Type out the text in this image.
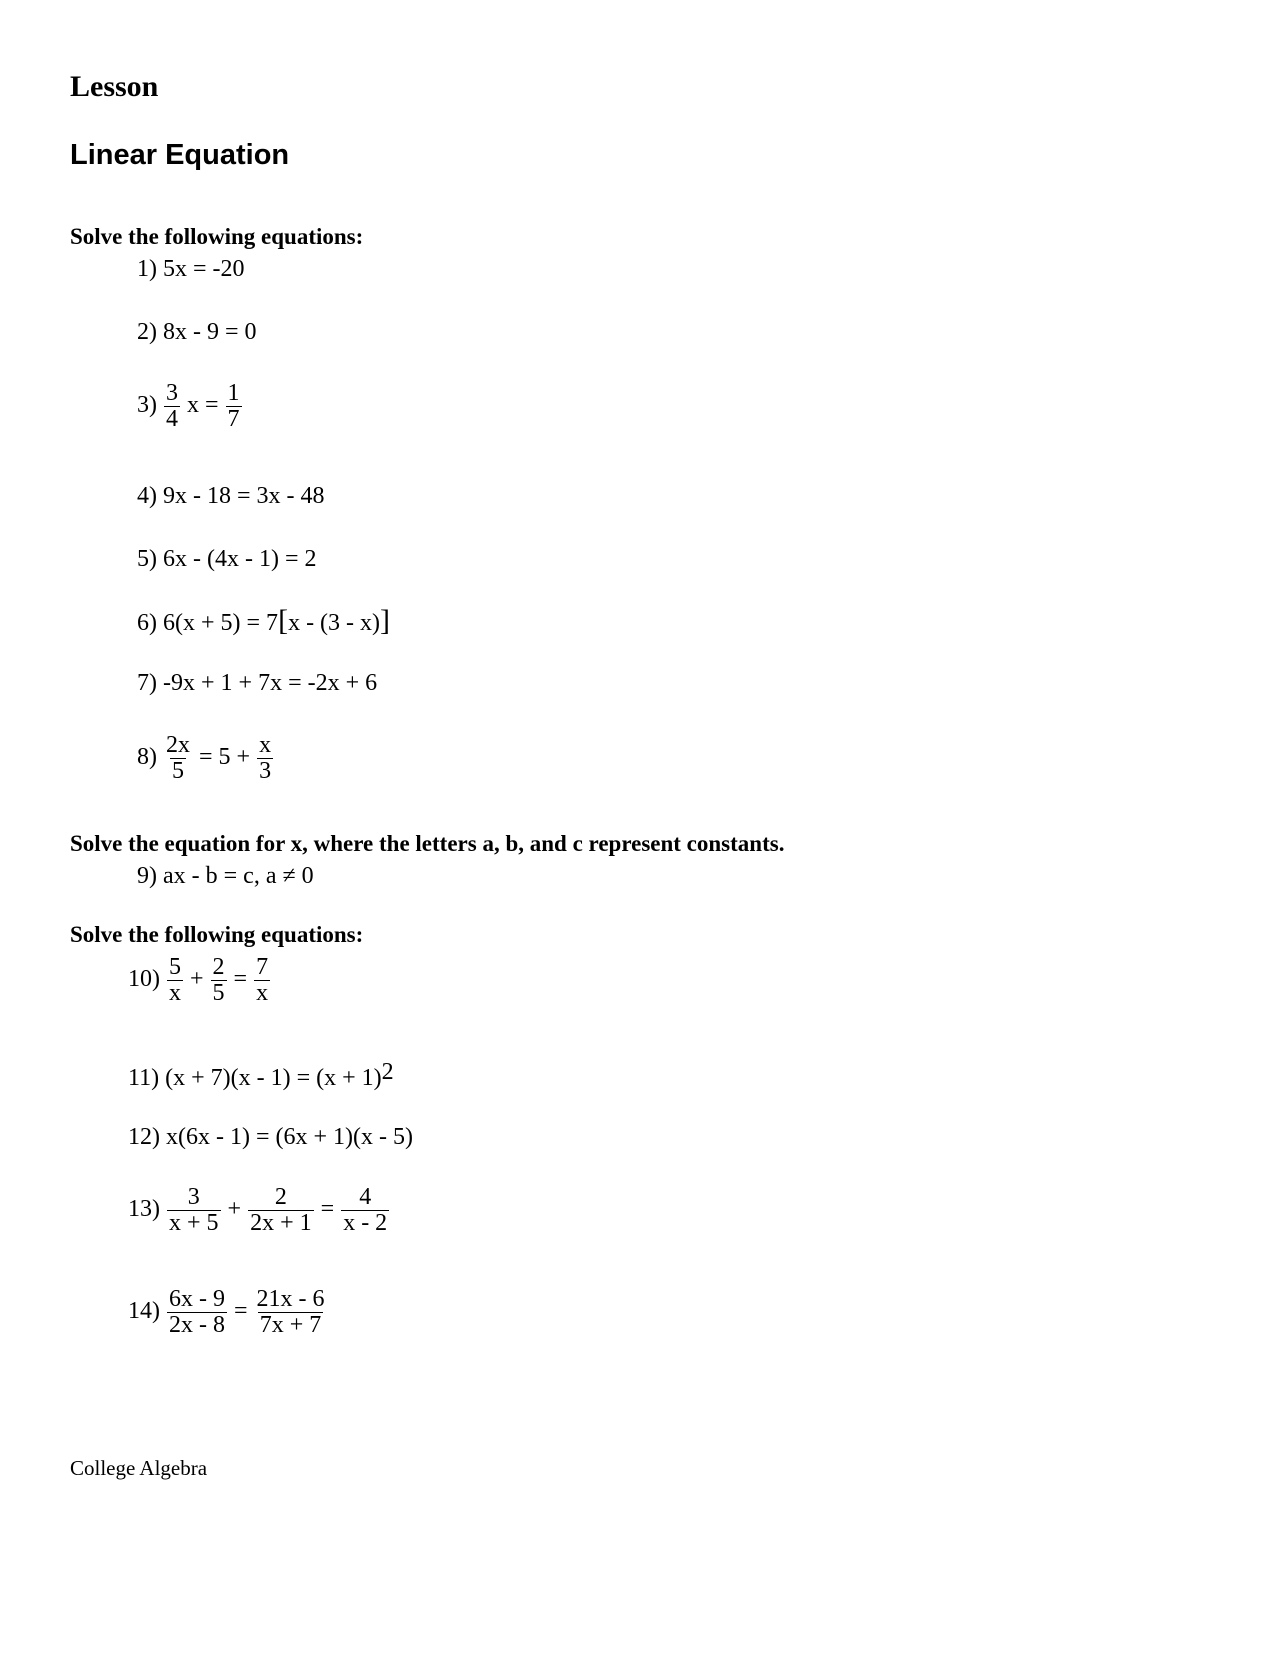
Lesson
Linear Equation
Solve the following equations:
1) 5x = -20
2) 8x - 9 = 0
$3) \frac{3}{4}$ $x = \frac{1}{7}$
4) 9x - 18 = 3x - 48
5) 6x - (4x - 1) = 2
6) 6(x + 5) = 7[x - (3 - x)]
7) -9x + 1 + 7x = -2x + 6
$8) \frac{2x}{5} = 5 + \frac{x}{3}$
Solve the equation for x, where the letters a, b, and c represent constants.
9) ax - b = c, a ≠ 0
Solve the following equations:
$10) \frac{5}{x} + \frac{2}{5} = \frac{7}{x}$
11) $(x + 7)(x - 1) = (x + 1)^2$
12) x(6x - 1) = (6x + 1)(x - 5)
$13) \frac{3}{x + 5} + \frac{2}{2x + 1} = \frac{4}{x - 2}$
$14) \frac{6x - 9}{2x - 8} = \frac{21x - 6}{7x + 7}$
College Algebra
